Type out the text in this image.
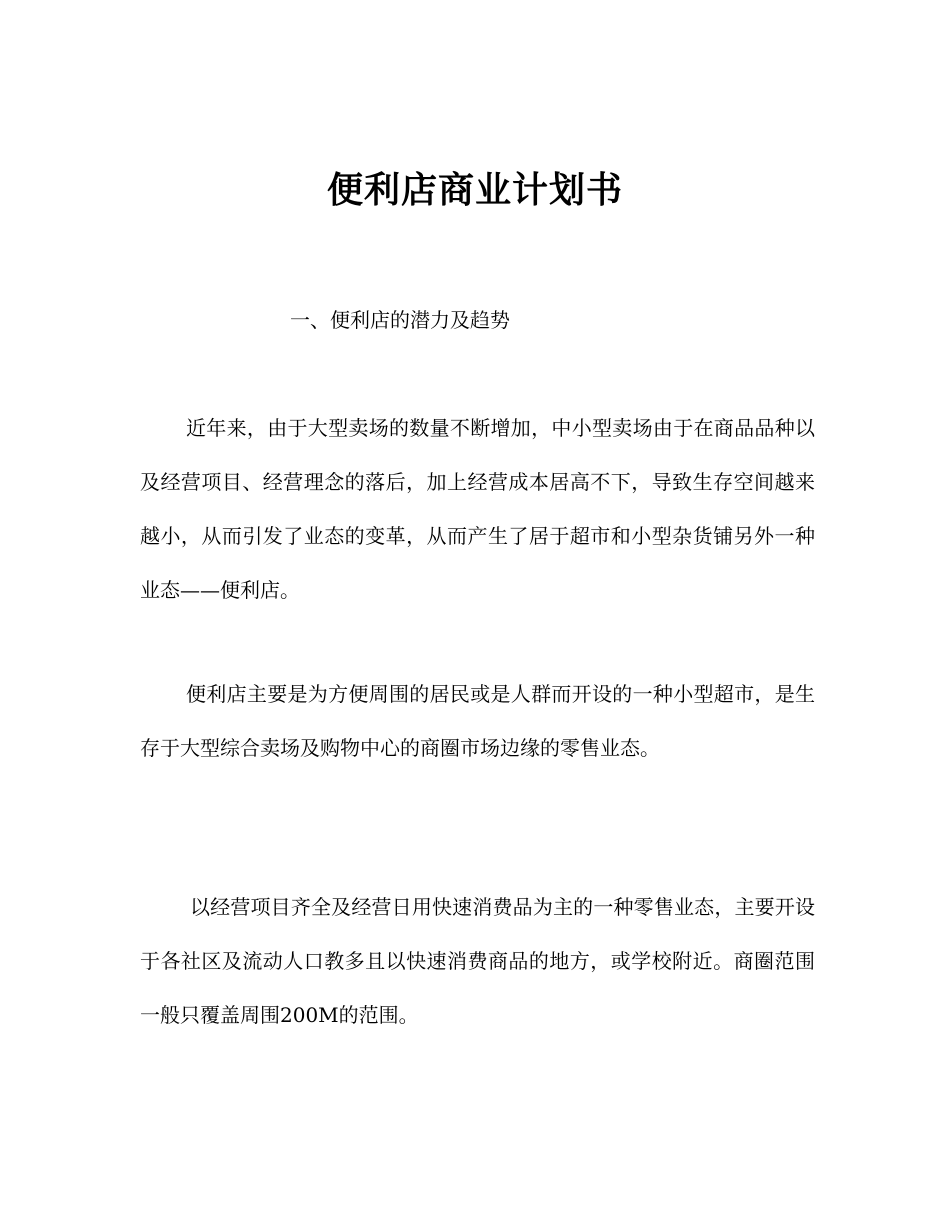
便利店商业计划书
一、便利店的潜力及趋势

近年来，由于大型卖场的数量不断增加，中小型卖场由于在商品品种以及经营项目、经营理念的落后，加上经营成本居高不下，导致生存空间越来越小，从而引发了业态的变革，从而产生了居于超市和小型杂货铺另外一种业态——便利店。

便利店主要是为方便周围的居民或是人群而开设的一种小型超市，是生存于大型综合卖场及购物中心的商圈市场边缘的零售业态。

以经营项目齐全及经营日用快速消费品为主的一种零售业态，主要开设于各社区及流动人口教多且以快速消费商品的地方，或学校附近。商圈范围一般只覆盖周围200M的范围。
